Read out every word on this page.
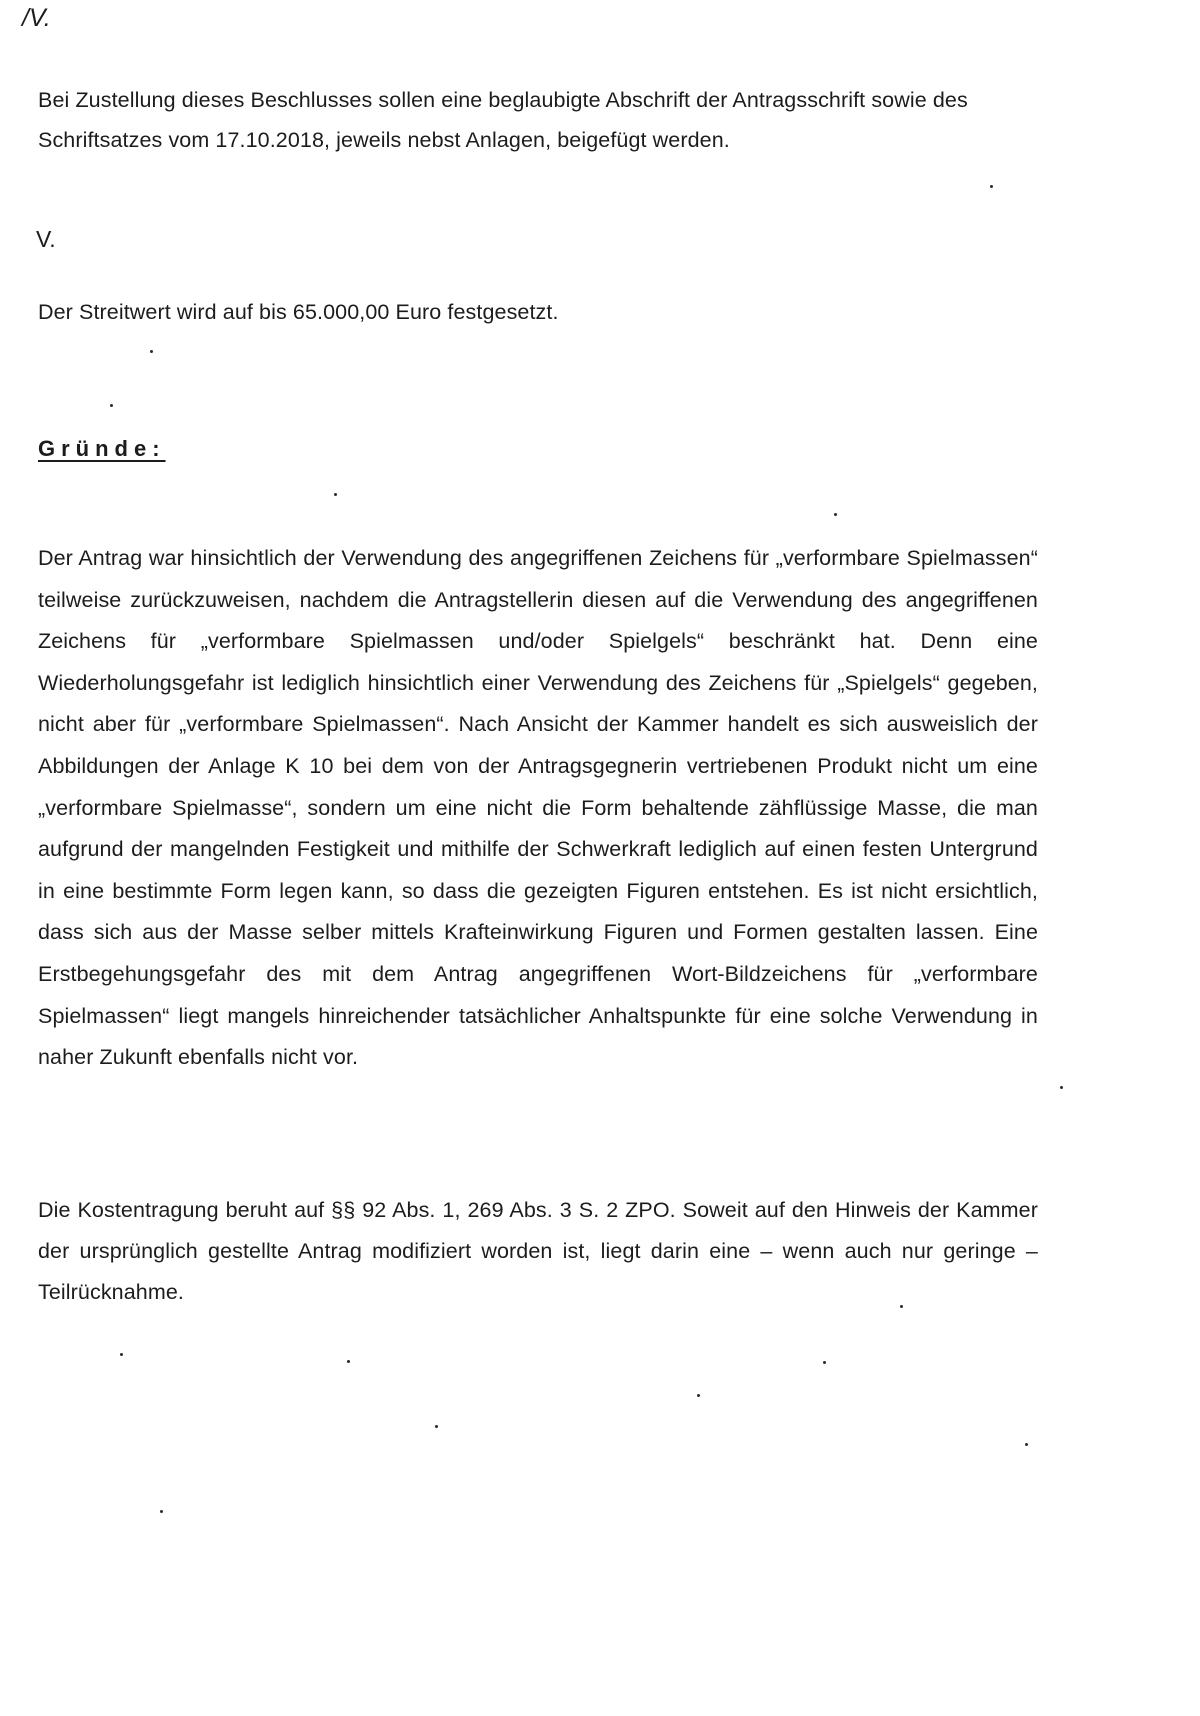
/V.
Bei Zustellung dieses Beschlusses sollen eine beglaubigte Abschrift der Antragsschrift sowie des Schriftsatzes vom 17.10.2018, jeweils nebst Anlagen, beigefügt werden.
V.
Der Streitwert wird auf bis 65.000,00 Euro festgesetzt.
Gründe:
Der Antrag war hinsichtlich der Verwendung des angegriffenen Zeichens für „verformbare Spielmassen“ teilweise zurückzuweisen, nachdem die Antragstellerin diesen auf die Verwendung des angegriffenen Zeichens für „verformbare Spielmassen und/oder Spielgels“ beschränkt hat. Denn eine Wiederholungsgefahr ist lediglich hinsichtlich einer Verwendung des Zeichens für „Spielgels“ gegeben, nicht aber für „verformbare Spielmassen“. Nach Ansicht der Kammer handelt es sich ausweislich der Abbildungen der Anlage K 10 bei dem von der Antragsgegnerin vertriebenen Produkt nicht um eine „verformbare Spielmasse“, sondern um eine nicht die Form behaltende zähflüssige Masse, die man aufgrund der mangelnden Festigkeit und mithilfe der Schwerkraft lediglich auf einen festen Untergrund in eine bestimmte Form legen kann, so dass die gezeigten Figuren entstehen. Es ist nicht ersichtlich, dass sich aus der Masse selber mittels Krafteinwirkung Figuren und Formen gestalten lassen. Eine Erstbegehungsgefahr des mit dem Antrag angegriffenen Wort-Bildzeichens für „verformbare Spielmassen“ liegt mangels hinreichender tatsächlicher Anhaltspunkte für eine solche Verwendung in naher Zukunft ebenfalls nicht vor.
Die Kostentragung beruht auf §§ 92 Abs. 1, 269 Abs. 3 S. 2 ZPO. Soweit auf den Hinweis der Kammer der ursprünglich gestellte Antrag modifiziert worden ist, liegt darin eine – wenn auch nur geringe – Teilrücknahme.
